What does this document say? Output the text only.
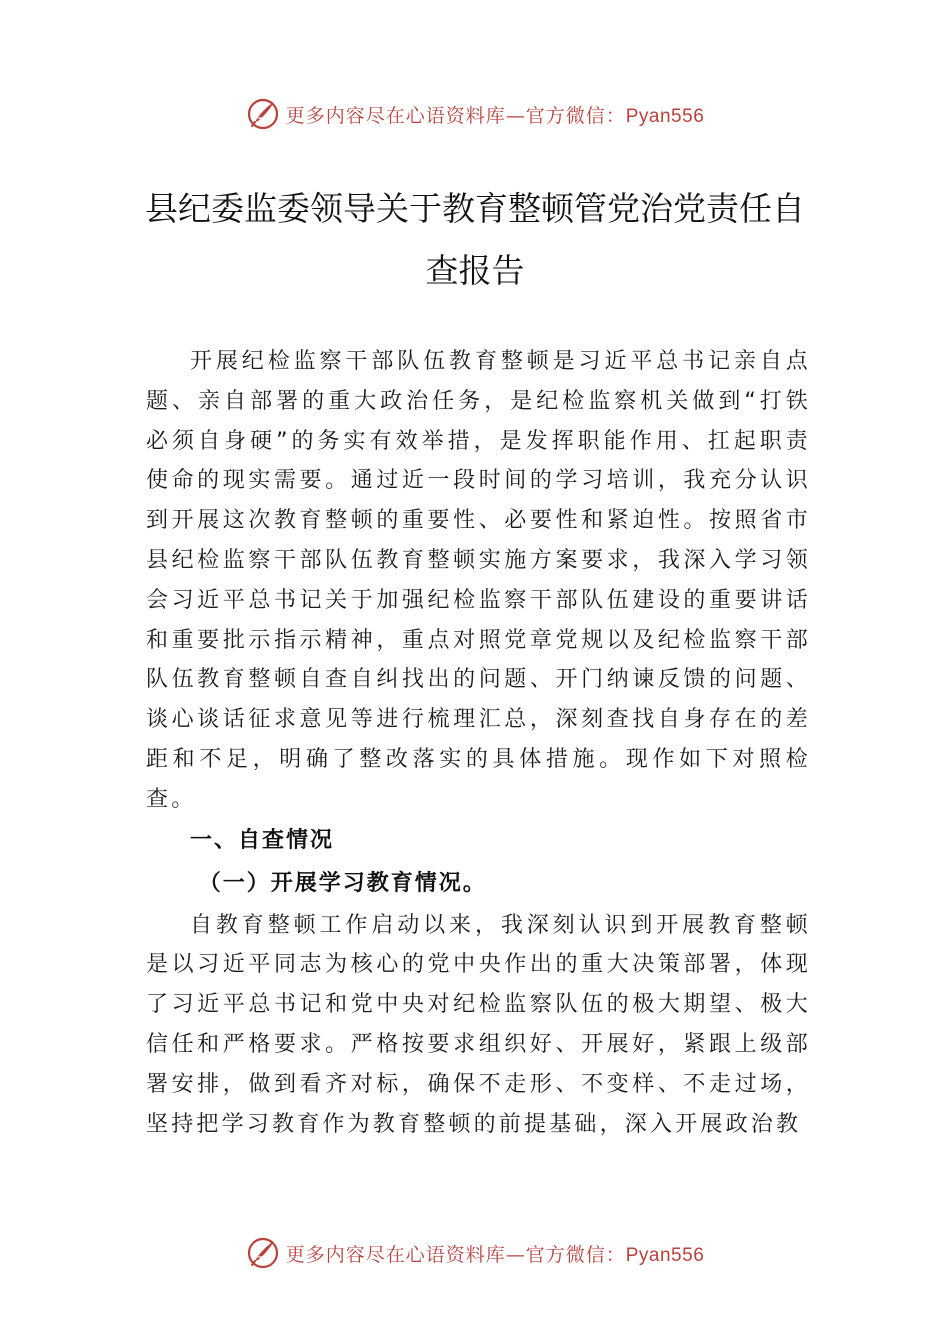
更多内容尽在心语资料库—官方微信：Pyan556
县纪委监委领导关于教育整顿管党治党责任自查报告

开展纪检监察干部队伍教育整顿是习近平总书记亲自点题、亲自部署的重大政治任务，是纪检监察机关做到“打铁必须自身硬”的务实有效举措，是发挥职能作用、扛起职责使命的现实需要。通过近一段时间的学习培训，我充分认识到开展这次教育整顿的重要性、必要性和紧迫性。按照省市县纪检监察干部队伍教育整顿实施方案要求，我深入学习领会习近平总书记关于加强纪检监察干部队伍建设的重要讲话和重要批示指示精神，重点对照党章党规以及纪检监察干部队伍教育整顿自查自纠找出的问题、开门纳谏反馈的问题、谈心谈话征求意见等进行梳理汇总，深刻查找自身存在的差距和不足，明确了整改落实的具体措施。现作如下对照检查。

一、自查情况

（一）开展学习教育情况。

自教育整顿工作启动以来，我深刻认识到开展教育整顿是以习近平同志为核心的党中央作出的重大决策部署，体现了习近平总书记和党中央对纪检监察队伍的极大期望、极大信任和严格要求。严格按要求组织好、开展好，紧跟上级部署安排，做到看齐对标，确保不走形、不变样、不走过场， 坚持把学习教育作为教育整顿的前提基础，深入开展政治教

更多内容尽在心语资料库—官方微信：Pyan556
